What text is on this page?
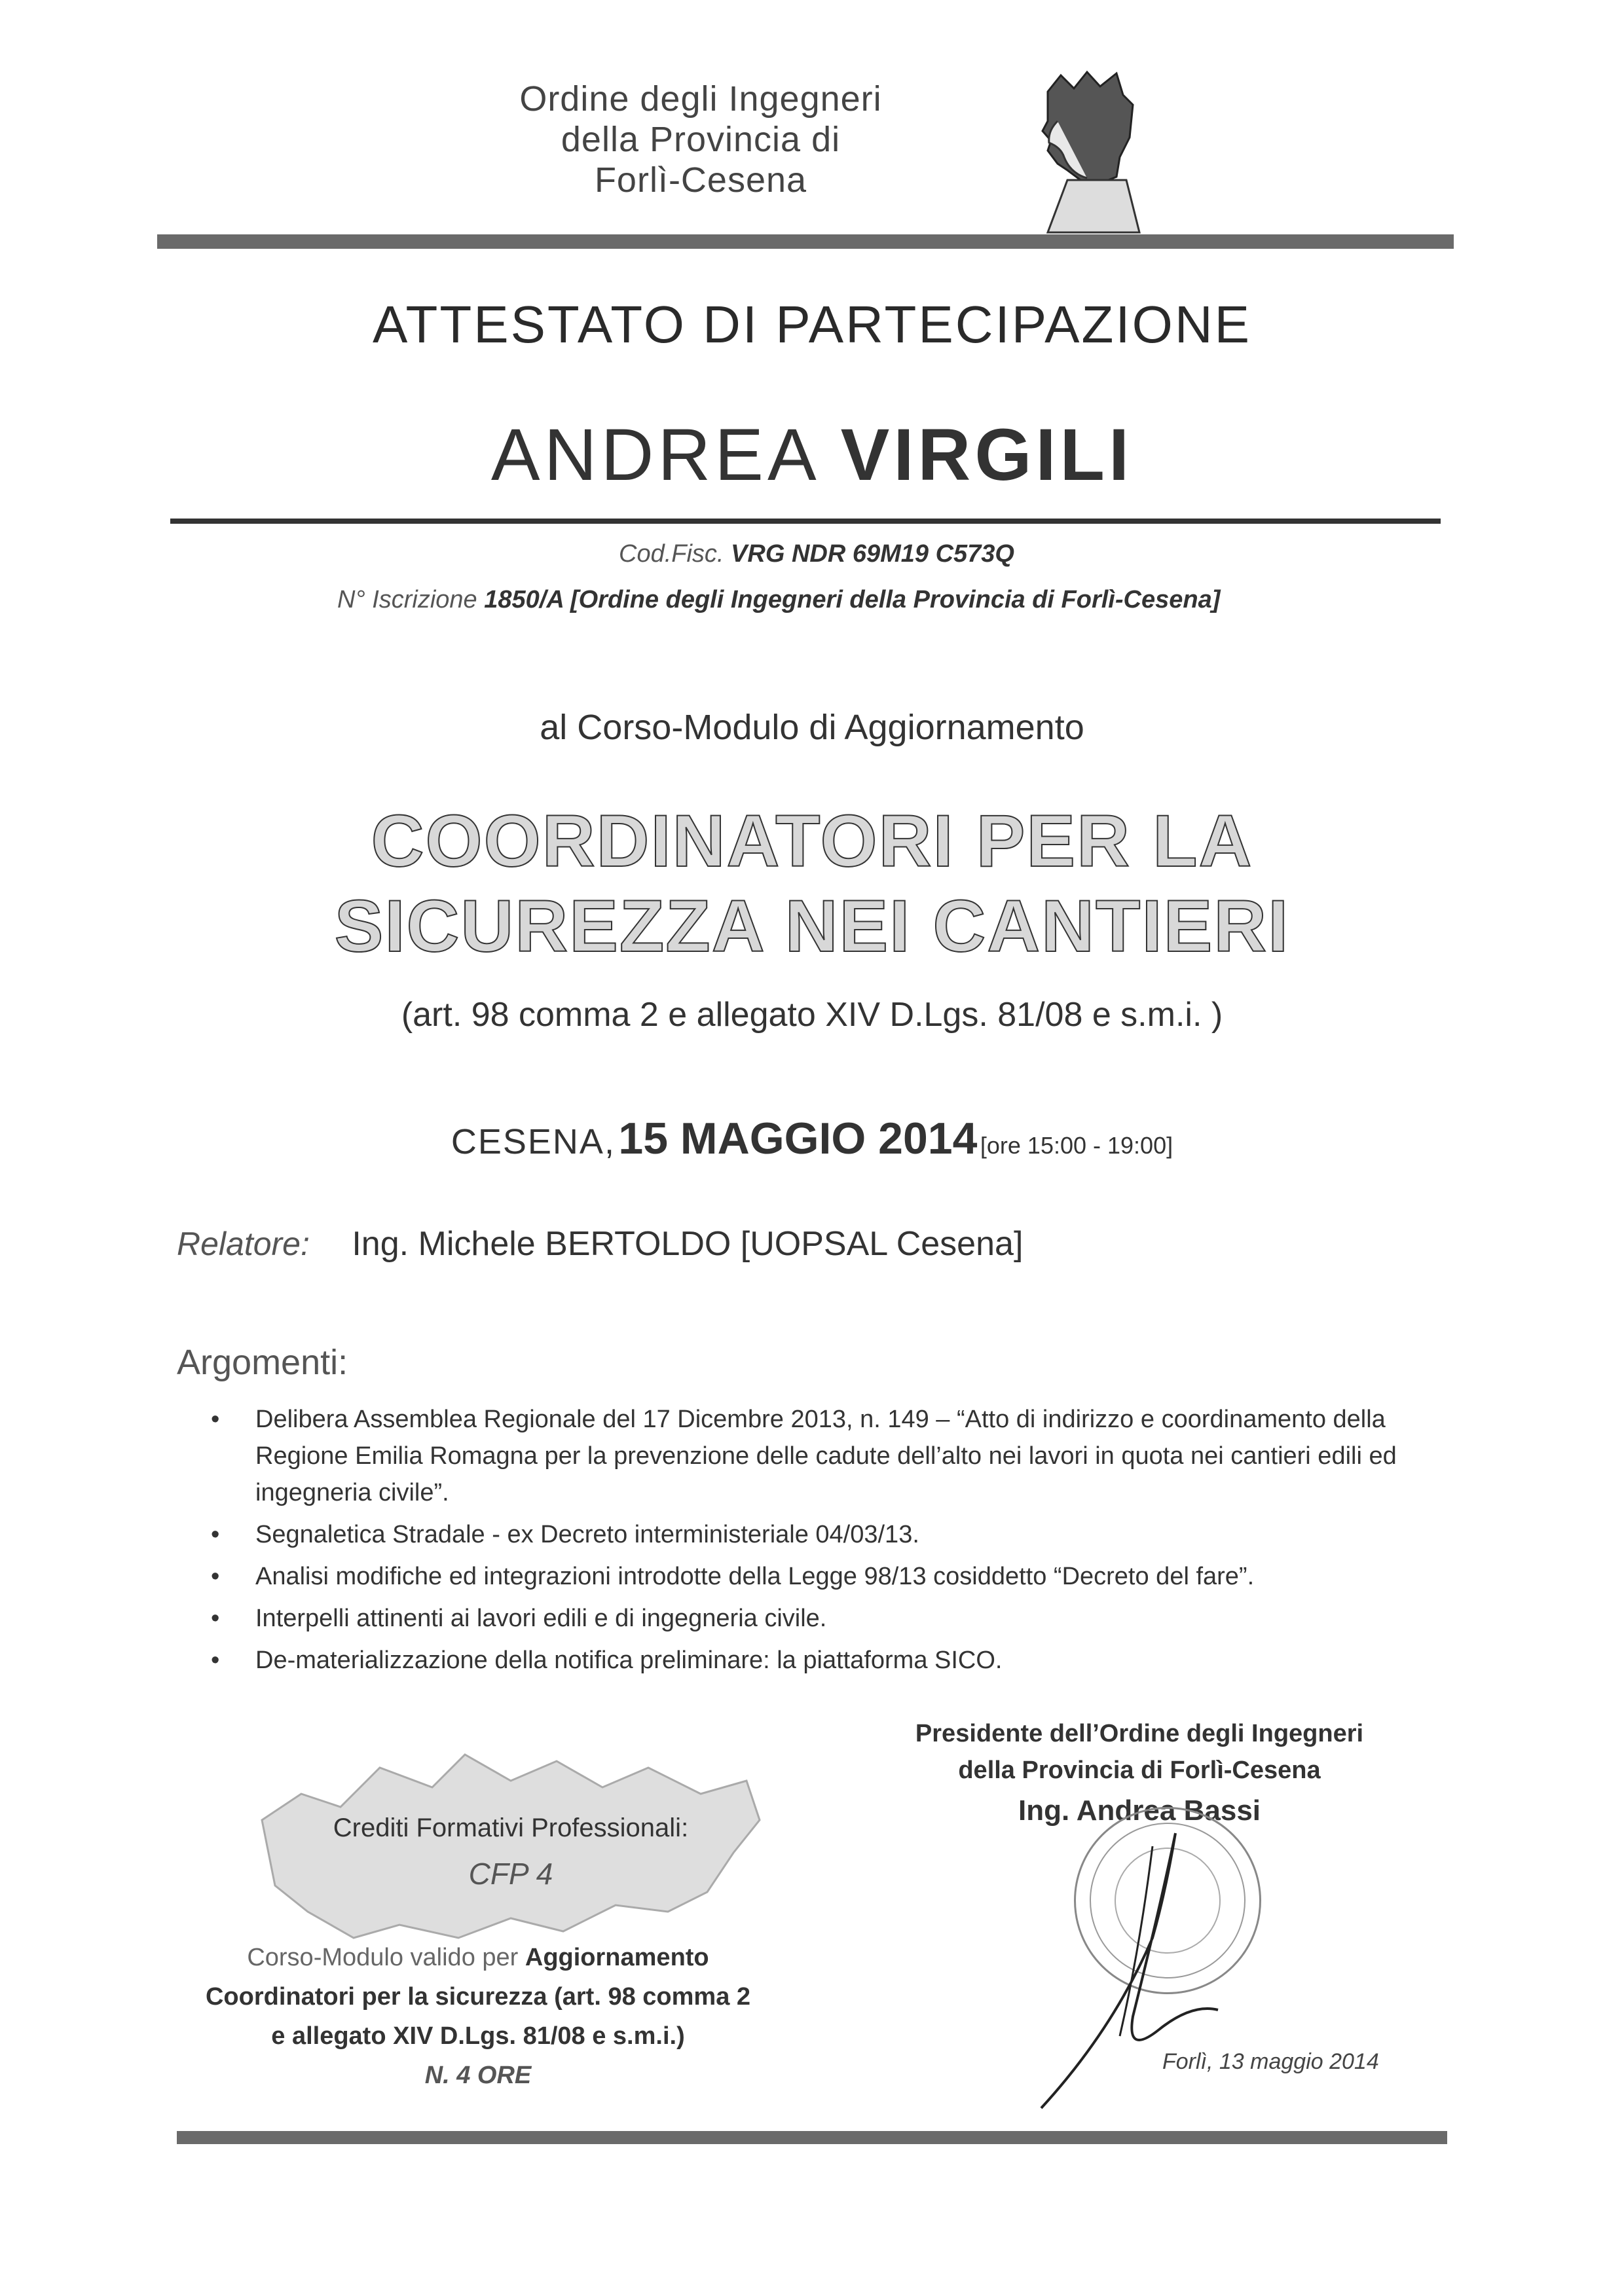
Ordine degli Ingegneri
della Provincia di
Forlì-Cesena
ATTESTATO DI PARTECIPAZIONE
ANDREA VIRGILI
Cod.Fisc. VRG NDR 69M19 C573Q
N° Iscrizione 1850/A [Ordine degli Ingegneri della Provincia di Forlì-Cesena]
al Corso-Modulo di Aggiornamento
COORDINATORI PER LA
SICUREZZA NEI CANTIERI
(art. 98 comma 2 e allegato XIV D.Lgs. 81/08 e s.m.i. )
CESENA, 15 MAGGIO 2014 [ore 15:00 - 19:00]
Relatore: Ing. Michele BERTOLDO [UOPSAL Cesena]
Argomenti:
• Delibera Assemblea Regionale del 17 Dicembre 2013, n. 149 – “Atto di indirizzo e coordinamento della Regione Emilia Romagna per la prevenzione delle cadute dell’alto nei lavori in quota nei cantieri edili ed ingegneria civile”.
• Segnaletica Stradale - ex Decreto interministeriale 04/03/13.
• Analisi modifiche ed integrazioni introdotte della Legge 98/13 cosiddetto “Decreto del fare”.
• Interpelli attinenti ai lavori edili e di ingegneria civile.
• De-materializzazione della notifica preliminare: la piattaforma SICO.
Crediti Formativi Professionali:
CFP 4
Corso-Modulo valido per Aggiornamento
Coordinatori per la sicurezza (art. 98 comma 2
e allegato XIV D.Lgs. 81/08 e s.m.i.)
N. 4 ORE
Presidente dell’Ordine degli Ingegneri
della Provincia di Forlì-Cesena
Ing. Andrea Bassi
Forlì, 13 maggio 2014
